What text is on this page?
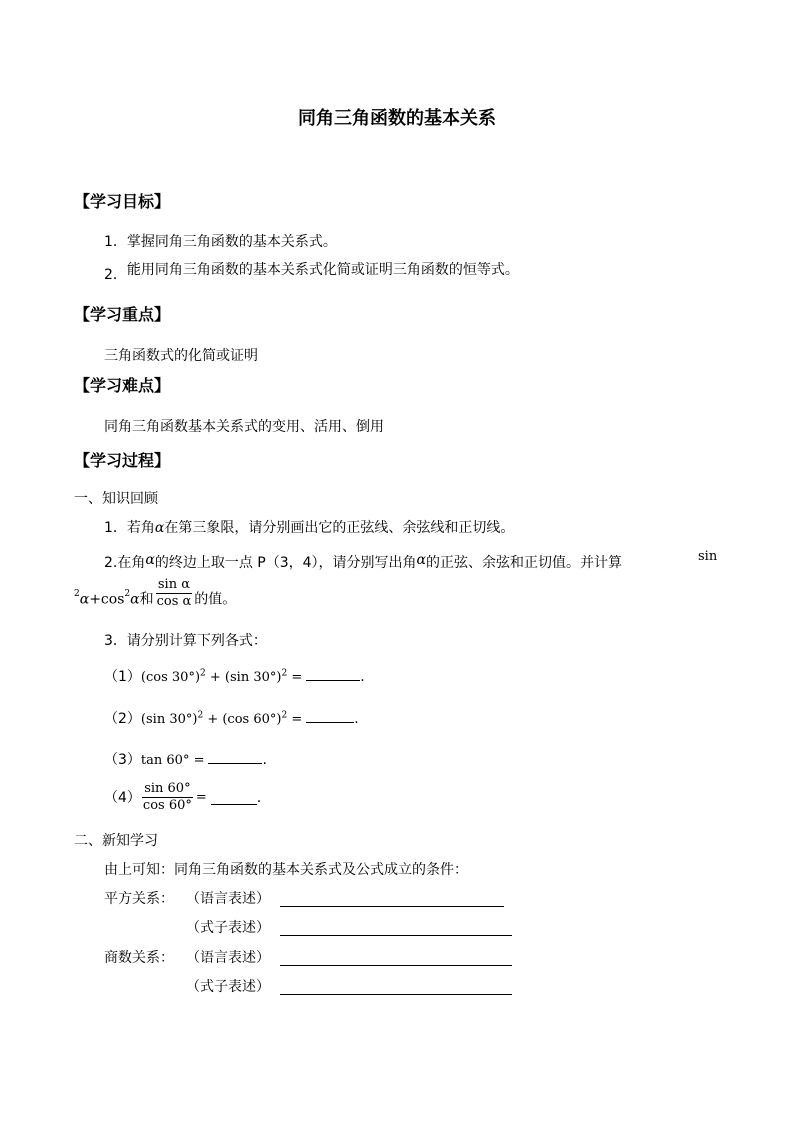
同角三角函数的基本关系
【学习目标】
1．掌握同角三角函数的基本关系式。
2．能用同角三角函数的基本关系式化简或证明三角函数的恒等式。
【学习重点】
三角函数式的化简或证明
【学习难点】
同角三角函数基本关系式的变用、活用、倒用
【学习过程】
一、知识回顾
1．若角α在第三象限，请分别画出它的正弦线、余弦线和正切线。
2.在角α的终边上取一点 P（3，4），请分别写出角α的正弦、余弦和正切值。并计算	sin
$^2\alpha+\cos^2\alpha$和 $\frac{\text{sin α}}{\text{cos α}}$ 的值。
3．请分别计算下列各式：
（1）(cos 30°)$^2$ + (sin 30°)$^2$ =	.
（2）(sin 30°)$^2$ + (cos 60°)$^2$ =	.
（3）tan 60° =	.
$(4) \frac{\sin 60^\circ}{\cos 60^\circ}$ =	.
二、新知学习
由上可知：同角三角函数的基本关系式及公式成立的条件：
平方关系： （语言表述）
（式子表述）
商数关系： （语言表述）
（式子表述）
